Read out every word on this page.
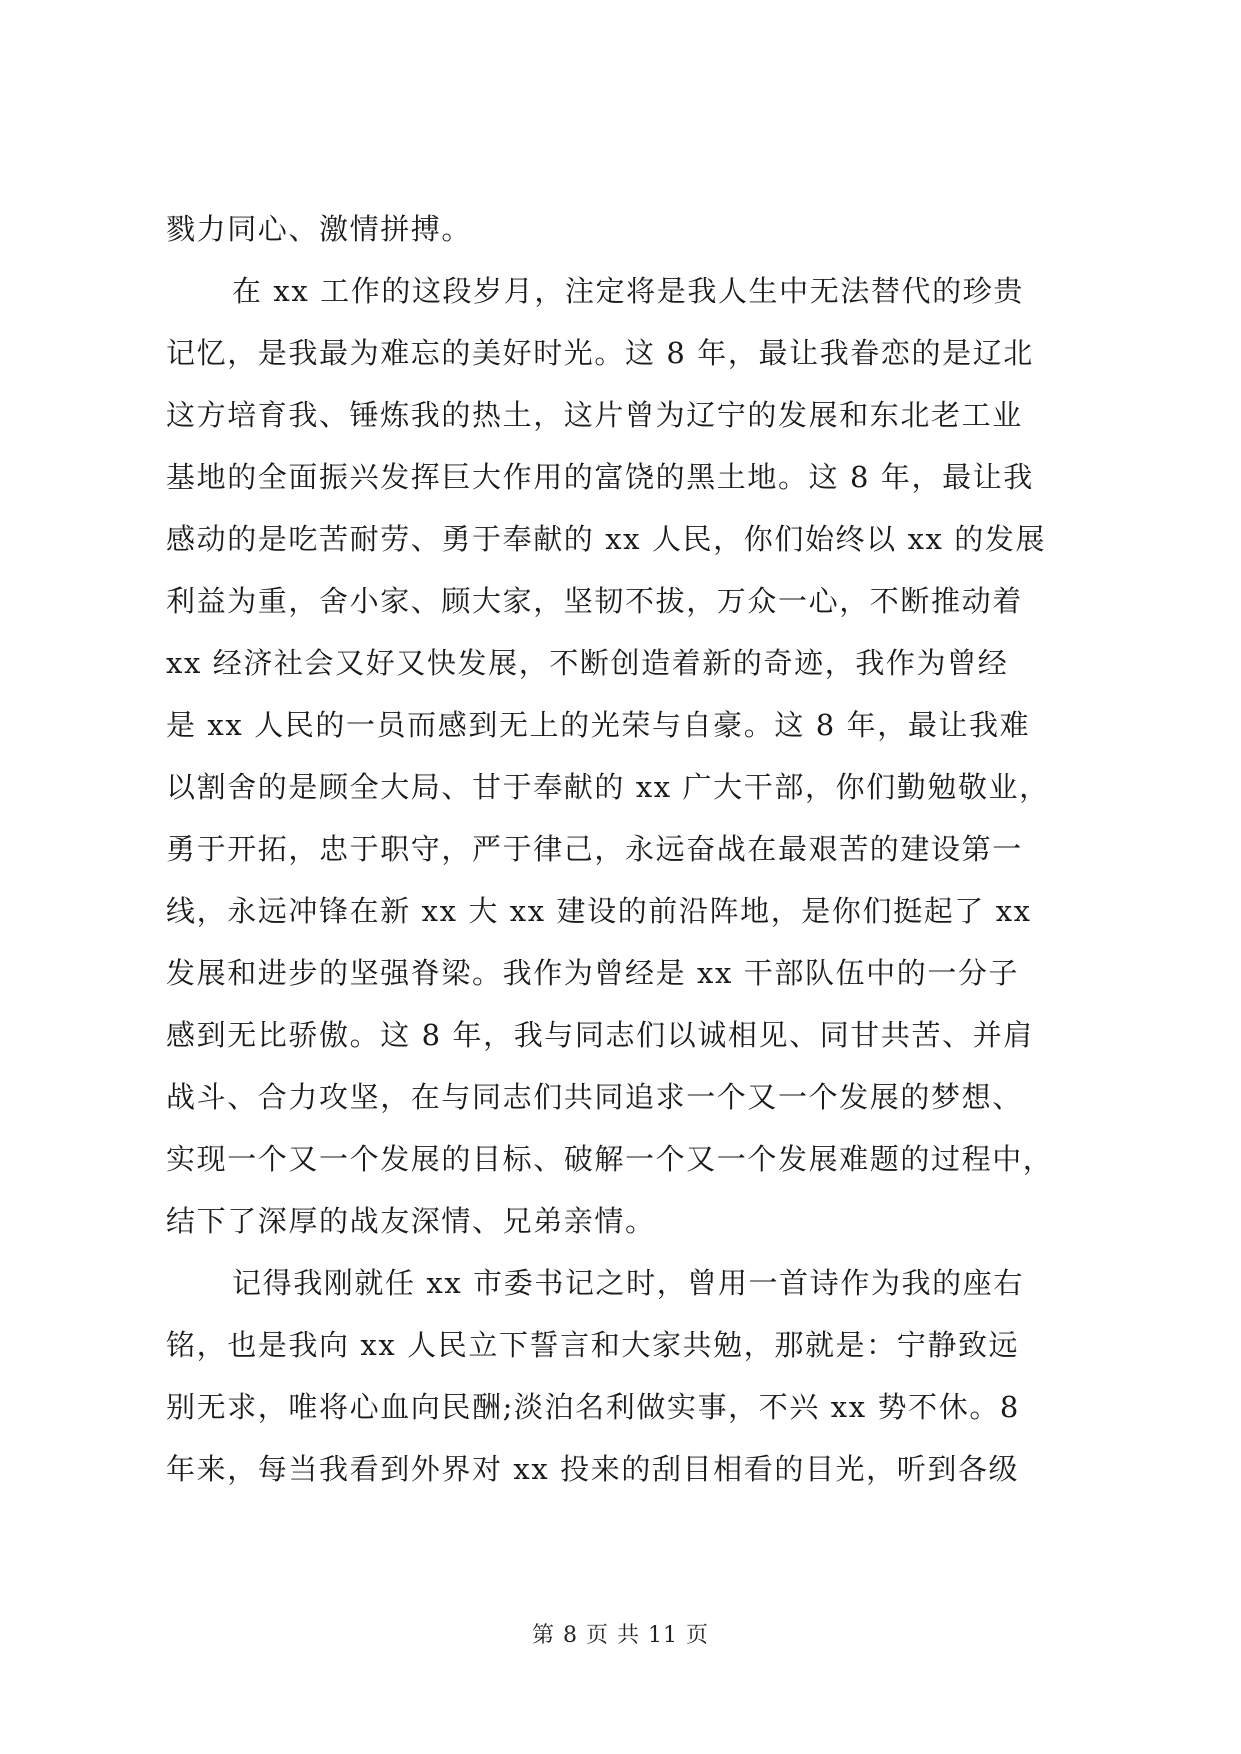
戮力同心、激情拼搏。
在 xx 工作的这段岁月，注定将是我人生中无法替代的珍贵
记忆，是我最为难忘的美好时光。这 8 年，最让我眷恋的是辽北
这方培育我、锤炼我的热土，这片曾为辽宁的发展和东北老工业
基地的全面振兴发挥巨大作用的富饶的黑土地。这 8 年，最让我
感动的是吃苦耐劳、勇于奉献的 xx 人民，你们始终以 xx 的发展
利益为重，舍小家、顾大家，坚韧不拔，万众一心，不断推动着
xx 经济社会又好又快发展，不断创造着新的奇迹，我作为曾经
是 xx 人民的一员而感到无上的光荣与自豪。这 8 年，最让我难
以割舍的是顾全大局、甘于奉献的 xx 广大干部，你们勤勉敬业，
勇于开拓，忠于职守，严于律己，永远奋战在最艰苦的建设第一
线，永远冲锋在新 xx 大 xx 建设的前沿阵地，是你们挺起了 xx
发展和进步的坚强脊梁。我作为曾经是 xx 干部队伍中的一分子
感到无比骄傲。这 8 年，我与同志们以诚相见、同甘共苦、并肩
战斗、合力攻坚，在与同志们共同追求一个又一个发展的梦想、
实现一个又一个发展的目标、破解一个又一个发展难题的过程中，
结下了深厚的战友深情、兄弟亲情。
记得我刚就任 xx 市委书记之时，曾用一首诗作为我的座右
铭，也是我向 xx 人民立下誓言和大家共勉，那就是：宁静致远
别无求，唯将心血向民酬;淡泊名利做实事，不兴 xx 势不休。8
年来，每当我看到外界对 xx 投来的刮目相看的目光，听到各级
第 8 页 共 11 页
